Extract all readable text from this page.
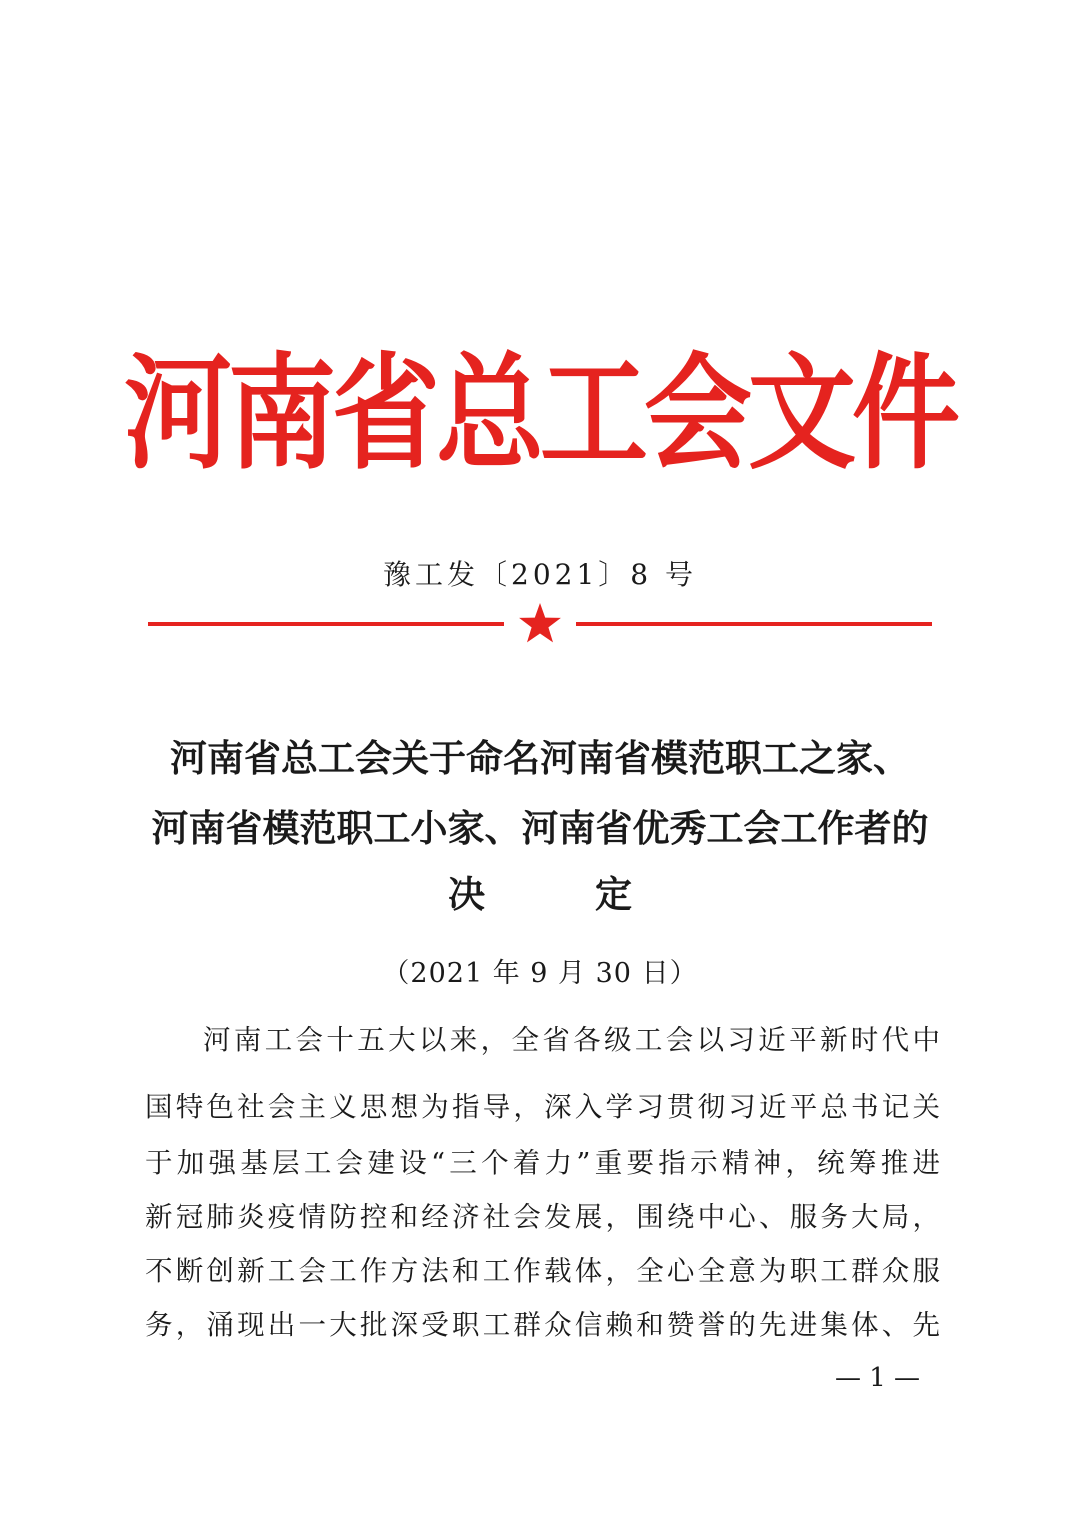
河南省总工会文件
豫工发〔2021〕8 号
河南省总工会关于命名河南省模范职工之家、
河南省模范职工小家、河南省优秀工会工作者的
决定
（2021 年 9 月 30 日）
河南工会十五大以来，全省各级工会以习近平新时代中
国特色社会主义思想为指导，深入学习贯彻习近平总书记关
于加强基层工会建设“三个着力”重要指示精神，统筹推进
新冠肺炎疫情防控和经济社会发展，围绕中心、服务大局，
不断创新工会工作方法和工作载体，全心全意为职工群众服
务，涌现出一大批深受职工群众信赖和赞誉的先进集体、先
— 1 —
